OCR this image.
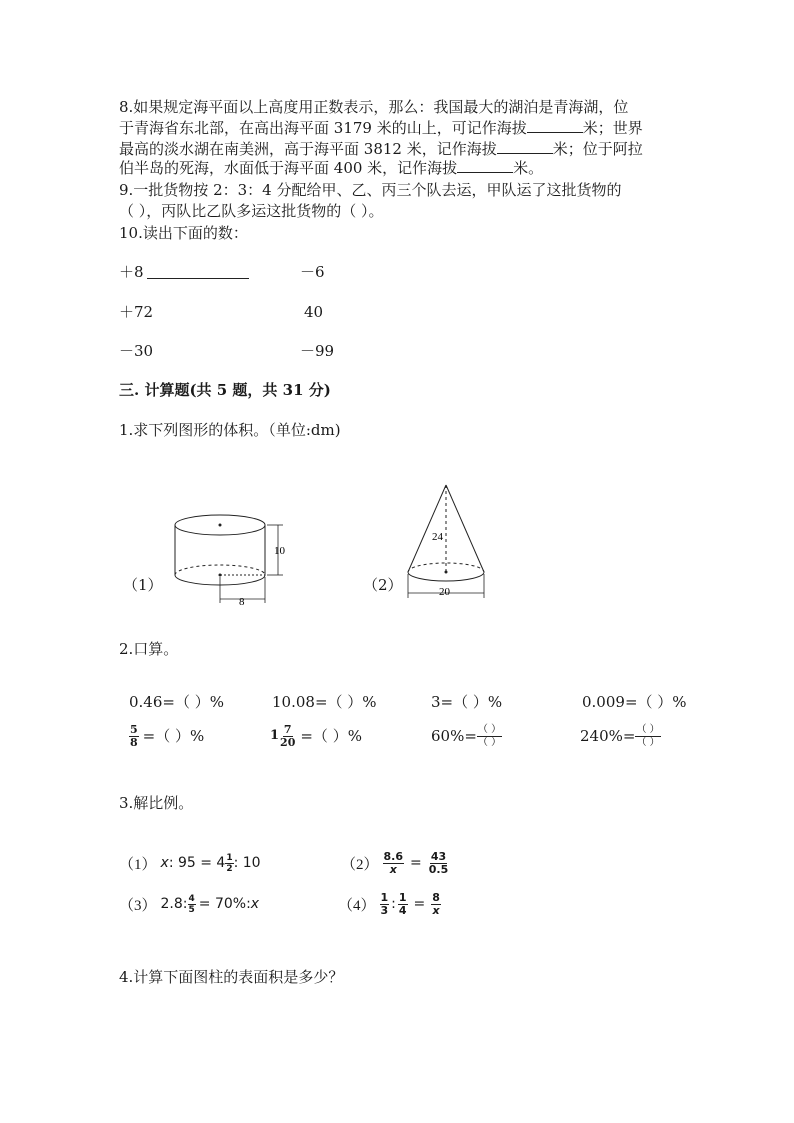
8.如果规定海平面以上高度用正数表示，那么：我国最大的湖泊是青海湖，位
于青海省东北部，在高出海平面 3179 米的山上，可记作海拔	米；世界
最高的淡水湖在南美洲，高于海平面 3812 米，记作海拔	米；位于阿拉
伯半岛的死海，水面低于海平面 400 米，记作海拔	米。
9.一批货物按 2：3：4 分配给甲、乙、丙三个队去运，甲队运了这批货物的
（ ），丙队比乙队多运这批货物的（ ）。
10.读出下面的数：
＋8	－6
＋72	40
－30	－99
三. 计算题(共 5 题，共 31 分)
1.求下列图形的体积。（单位:dm)
（1）
10
8
（2）
24
20
2.口算。
0.46=（ ）%	10.08=（ ）%	3=（ ）%	0.009=（ ）%
$\frac{5}{8}$ =（ ）%	$1 \frac{7}{20}$ =（ ）%	$60\%= \frac{( )}{( )}$	$240\%= \frac{( )}{( )}$
3.解比例。
（1） x : $95 = 4 \frac{1}{2}$ : 10	$(2) \frac{8.6}{x} = \frac{43}{0.5}$
（3） 2.8: $\frac{4}{5} = 70\%$: x	$(4) \frac{1}{3}$ : $\frac{1}{4} = \frac{8}{x}$
4.计算下面图柱的表面积是多少？
